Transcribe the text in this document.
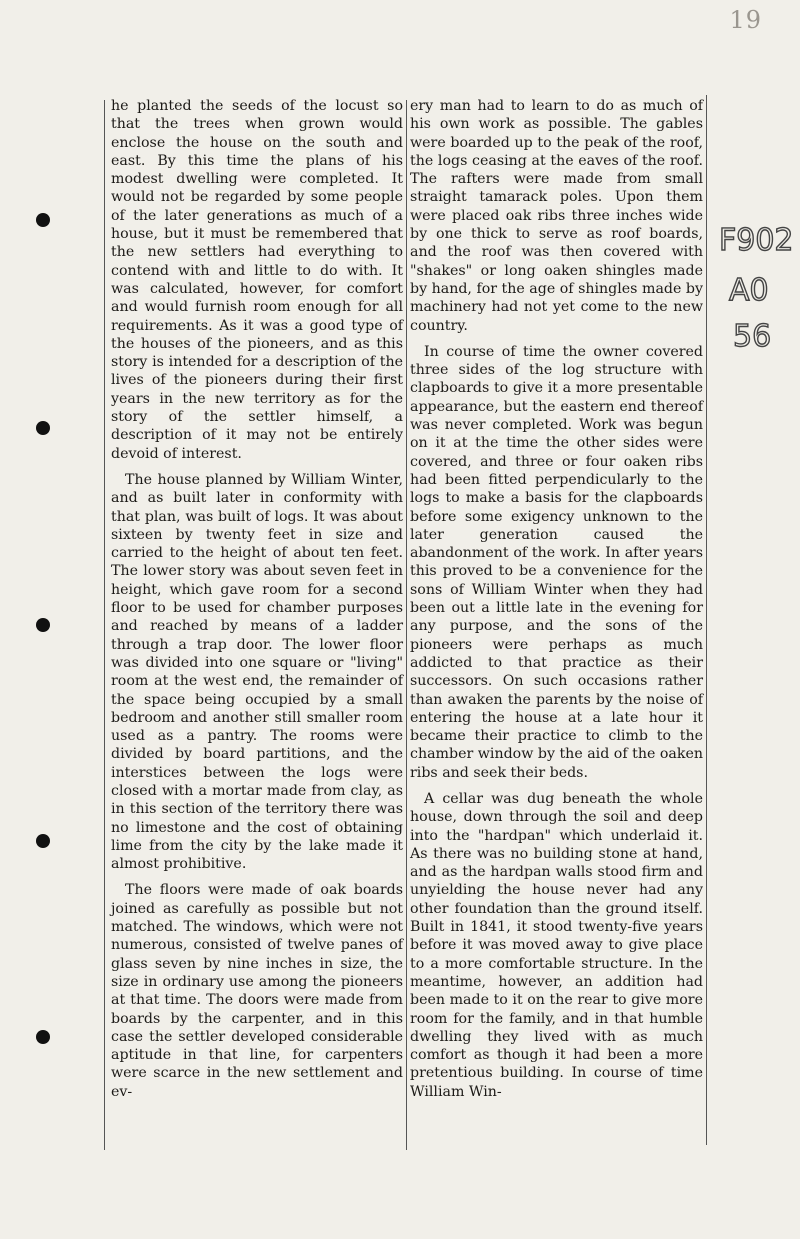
19

he planted the seeds of the locust so that the trees when grown would enclose the house on the south and east. By this time the plans of his modest dwelling were completed. It would not be regarded by some people of the later generations as much of a house, but it must be remembered that the new settlers had everything to contend with and little to do with. It was calculated, however, for comfort and would furnish room enough for all requirements. As it was a good type of the houses of the pioneers, and as this story is intended for a description of the lives of the pioneers during their first years in the new territory as for the story of the settler himself, a description of it may not be entirely devoid of interest.

The house planned by William Winter, and as built later in conformity with that plan, was built of logs. It was about sixteen by twenty feet in size and carried to the height of about ten feet. The lower story was about seven feet in height, which gave room for a second floor to be used for chamber purposes and reached by means of a ladder through a trap door. The lower floor was divided into one square or "living" room at the west end, the remainder of the space being occupied by a small bedroom and another still smaller room used as a pantry. The rooms were divided by board partitions, and the interstices between the logs were closed with a mortar made from clay, as in this section of the territory there was no limestone and the cost of obtaining lime from the city by the lake made it almost prohibitive.

The floors were made of oak boards joined as carefully as possible but not matched. The windows, which were not numerous, consisted of twelve panes of glass seven by nine inches in size, the size in ordinary use among the pioneers at that time. The doors were made from boards by the carpenter, and in this case the settler developed considerable aptitude in that line, for carpenters were scarce in the new settlement and ev-

ery man had to learn to do as much of his own work as possible. The gables were boarded up to the peak of the roof, the logs ceasing at the eaves of the roof. The rafters were made from small straight tamarack poles. Upon them were placed oak ribs three inches wide by one thick to serve as roof boards, and the roof was then covered with "shakes" or long oaken shingles made by hand, for the age of shingles made by machinery had not yet come to the new country.

In course of time the owner covered three sides of the log structure with clapboards to give it a more presentable appearance, but the eastern end thereof was never completed. Work was begun on it at the time the other sides were covered, and three or four oaken ribs had been fitted perpendicularly to the logs to make a basis for the clapboards before some exigency unknown to the later generation caused the abandonment of the work. In after years this proved to be a convenience for the sons of William Winter when they had been out a little late in the evening for any purpose, and the sons of the pioneers were perhaps as much addicted to that practice as their successors. On such occasions rather than awaken the parents by the noise of entering the house at a late hour it became their practice to climb to the chamber window by the aid of the oaken ribs and seek their beds.

A cellar was dug beneath the whole house, down through the soil and deep into the "hardpan" which underlaid it. As there was no building stone at hand, and as the hardpan walls stood firm and unyielding the house never had any other foundation than the ground itself. Built in 1841, it stood twenty-five years before it was moved away to give place to a more comfortable structure. In the meantime, however, an addition had been made to it on the rear to give more room for the family, and in that humble dwelling they lived with as much comfort as though it had been a more pretentious building. In course of time William Win-

F902
A0
56
